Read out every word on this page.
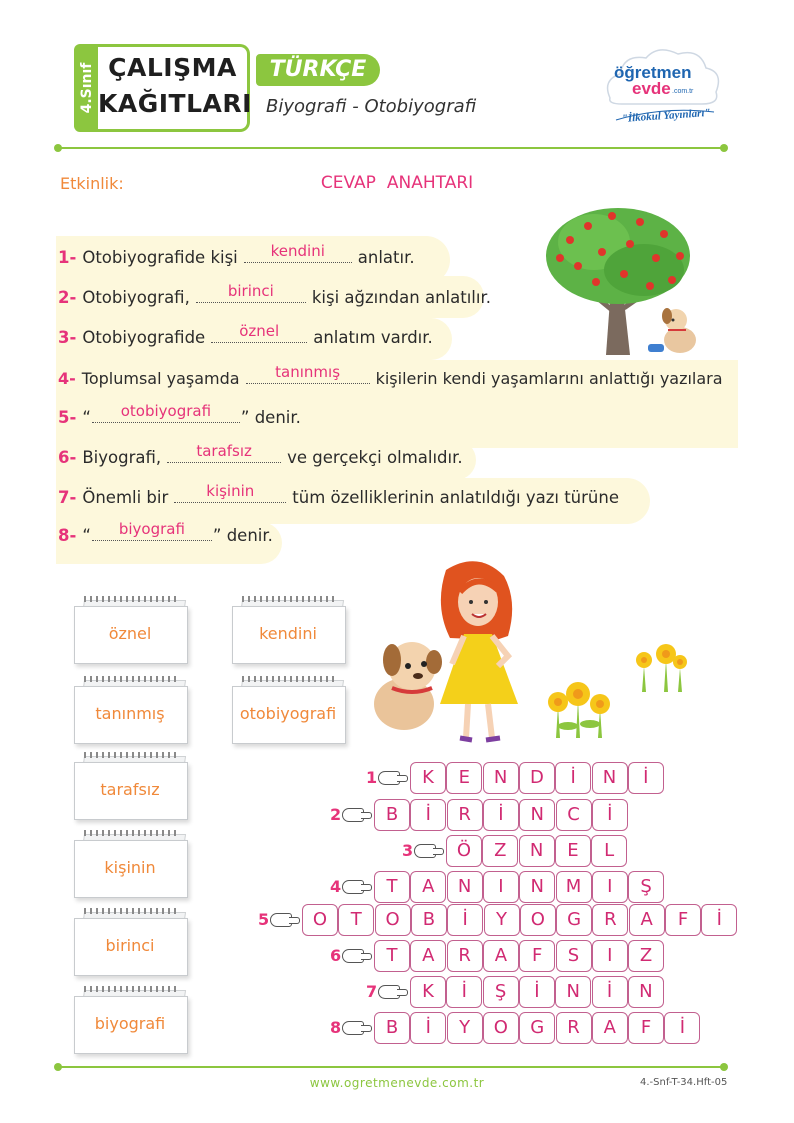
4.Sınıf ÇALIŞMA
KAĞITLARI
TÜRKÇE
Biyografi - Otobiyografi
öğretmen
evde .com.tr
"İlkokul Yayınları"
Etkinlik:	CEVAP ANAHTARI
1- Otobiyografide kişi	kendini	anlatır.
2- Otobiyografi,	birinci	kişi ağzından anlatılır.
3- Otobiyografide	öznel	anlatım vardır.
4- Toplumsal yaşamda	tanınmış	kişilerin kendi yaşamlarını anlattığı yazılara
5- “	otobiyografi	” denir.
6- Biyografi,	tarafsız	ve gerçekçi olmalıdır.
7- Önemli bir	kişinin	tüm özelliklerinin anlatıldığı yazı türüne
8- “	biyografi	” denir.
öznel	kendini
tanınmış	otobiyografi
tarafsız
kişinin
birinci
biyografi
1	K	E	N	D	İ	N	İ
2	B	İ	R	İ	N	C	İ
3	Ö	Z	N	E	L
4	T	A	N	I	N	M	I	Ş
5	O	T	O	B	İ	Y	O	G	R	A	F	İ
6	T	A	R	A	F	S	I	Z
7	K	İ	Ş	İ	N	İ	N
8	B	İ	Y	O	G	R	A	F	İ
www.ogretmenevde.com.tr	4.-Snf-T-34.Hft-05
